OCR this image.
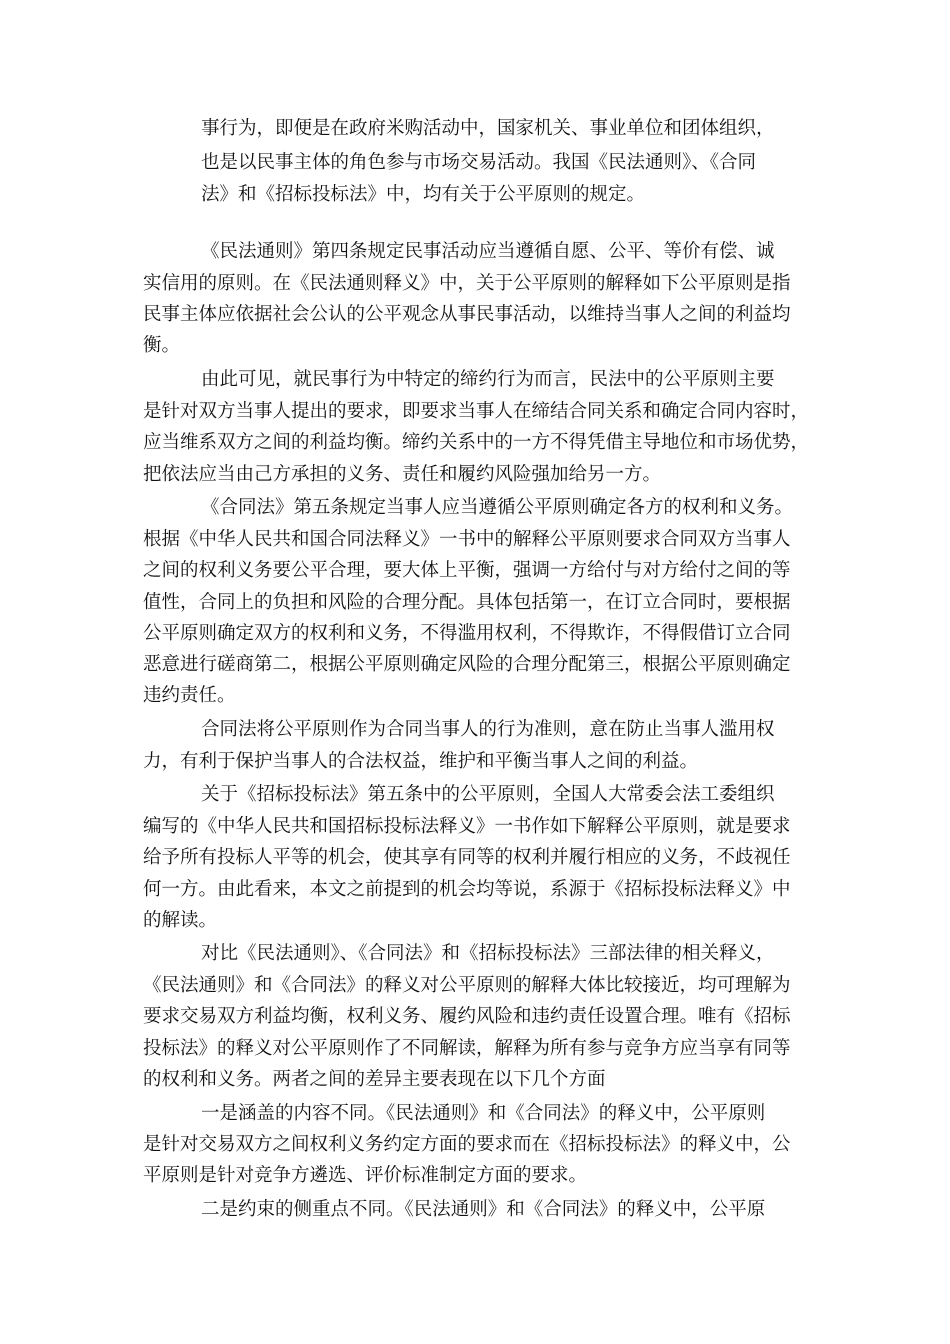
事行为，即便是在政府米购活动中，国家机关、事业单位和团体组织，
也是以民事主体的角色参与市场交易活动。我国《民法通则》、《合同
法》和《招标投标法》中，均有关于公平原则的规定。
《民法通则》第四条规定民事活动应当遵循自愿、公平、等价有偿、诚
实信用的原则。在《民法通则释义》中，关于公平原则的解释如下公平原则是指
民事主体应依据社会公认的公平观念从事民事活动，以维持当事人之间的利益均
衡。
由此可见，就民事行为中特定的缔约行为而言，民法中的公平原则主要
是针对双方当事人提出的要求，即要求当事人在缔结合同关系和确定合同内容时，
应当维系双方之间的利益均衡。缔约关系中的一方不得凭借主导地位和市场优势，
把依法应当由己方承担的义务、责任和履约风险强加给另一方。
《合同法》第五条规定当事人应当遵循公平原则确定各方的权利和义务。
根据《中华人民共和国合同法释义》一书中的解释公平原则要求合同双方当事人
之间的权利义务要公平合理，要大体上平衡，强调一方给付与对方给付之间的等
值性，合同上的负担和风险的合理分配。具体包括第一，在订立合同时，要根据
公平原则确定双方的权利和义务，不得滥用权利，不得欺诈，不得假借订立合同
恶意进行磋商第二，根据公平原则确定风险的合理分配第三，根据公平原则确定
违约责任。
合同法将公平原则作为合同当事人的行为准则，意在防止当事人滥用权
力，有利于保护当事人的合法权益，维护和平衡当事人之间的利益。
关于《招标投标法》第五条中的公平原则，全国人大常委会法工委组织
编写的《中华人民共和国招标投标法释义》一书作如下解释公平原则，就是要求
给予所有投标人平等的机会，使其享有同等的权利并履行相应的义务，不歧视任
何一方。由此看来，本文之前提到的机会均等说，系源于《招标投标法释义》中
的解读。
对比《民法通则》、《合同法》和《招标投标法》三部法律的相关释义，
《民法通则》和《合同法》的释义对公平原则的解释大体比较接近，均可理解为
要求交易双方利益均衡，权利义务、履约风险和违约责任设置合理。唯有《招标
投标法》的释义对公平原则作了不同解读，解释为所有参与竞争方应当享有同等
的权利和义务。两者之间的差异主要表现在以下几个方面
一是涵盖的内容不同。《民法通则》和《合同法》的释义中，公平原则
是针对交易双方之间权利义务约定方面的要求而在《招标投标法》的释义中，公
平原则是针对竞争方遴选、评价标准制定方面的要求。
二是约束的侧重点不同。《民法通则》和《合同法》的释义中，公平原
